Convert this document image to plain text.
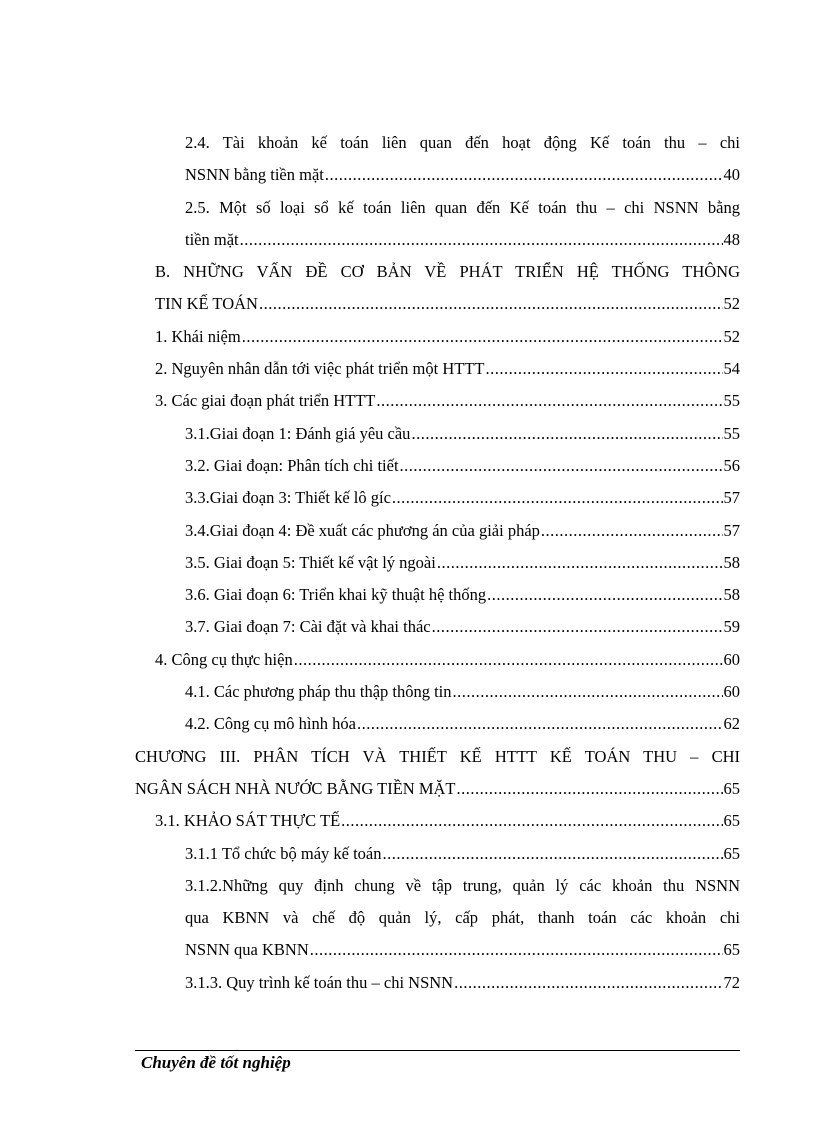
2.4. Tài khoản kế toán liên quan đến hoạt động Kế toán thu – chi
NSNN bằng tiền mặt .....	40
2.5. Một số loại sổ kế toán liên quan đến Kế toán thu – chi NSNN bằng
tiền mặt .....	48
B. NHỮNG VẤN ĐỀ CƠ BẢN VỀ PHÁT TRIỂN HỆ THỐNG THÔNG
TIN KẾ TOÁN .....	52
1. Khái niệm .....	52
2. Nguyên nhân dẫn tới việc phát triển một HTTT .....	54
3. Các giai đoạn phát triển HTTT .....	55
3.1.Giai đoạn 1: Đánh giá yêu cầu .....	55
3.2. Giai đoạn: Phân tích chi tiết .....	56
3.3.Giai đoạn 3: Thiết kế lô gíc .....	57
3.4.Giai đoạn 4: Đề xuất các phương án của giải pháp .....	57
3.5. Giai đoạn 5: Thiết kế vật lý ngoài .....	58
3.6. Giai đoạn 6: Triển khai kỹ thuật hệ thống .....	58
3.7. Giai đoạn 7: Cài đặt và khai thác .....	59
4. Công cụ thực hiện .....	60
4.1. Các phương pháp thu thập thông tin .....	60
4.2. Công cụ mô hình hóa .....	62
CHƯƠNG III. PHÂN TÍCH VÀ THIẾT KẾ HTTT KẾ TOÁN THU – CHI
NGÂN SÁCH NHÀ NƯỚC BẰNG TIỀN MẶT .....	65
3.1. KHẢO SÁT THỰC TẾ .....	65
3.1.1 Tổ chức bộ máy kế toán .....	65
3.1.2.Những quy định chung về tập trung, quản lý các khoản thu NSNN
qua KBNN và chế độ quản lý, cấp phát, thanh toán các khoản chi
NSNN qua KBNN .....	65
3.1.3. Quy trình kế toán thu – chi NSNN .....	72
Chuyên đề tốt nghiệp
